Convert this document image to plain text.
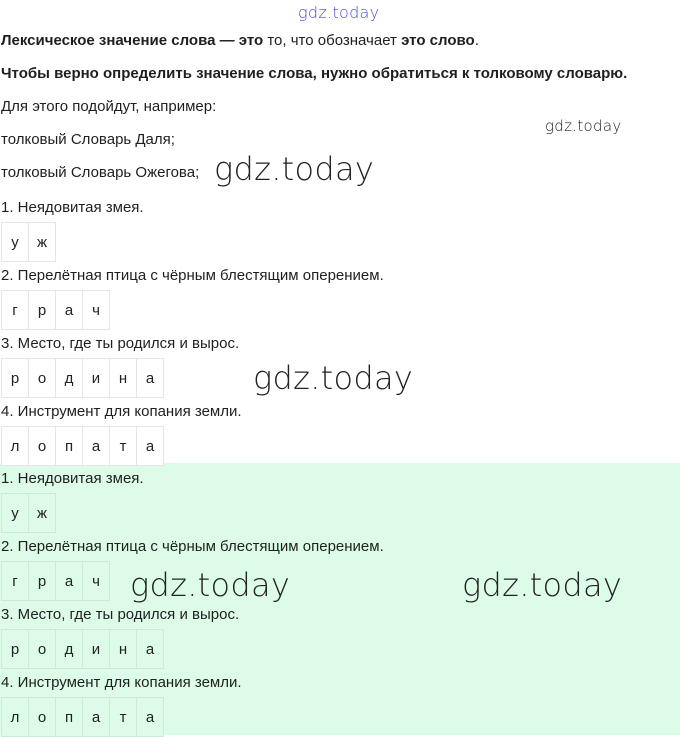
gdz.today
Лексическое значение слова — это то, что обозначает это слово.
Чтобы верно определить значение слова, нужно обратиться к толковому словарю.
Для этого подойдут, например:
толковый Словарь Даля;
толковый Словарь Ожегова;
1. Неядовитая змея.
у	ж
2. Перелётная птица с чёрным блестящим оперением.
г	р	а	ч
3. Место, где ты родился и вырос.
р	о	д	и	н	а
4. Инструмент для копания земли.
л	о	п	а	т	а
1. Неядовитая змея.
у	ж
2. Перелётная птица с чёрным блестящим оперением.
г	р	а	ч
3. Место, где ты родился и вырос.
р	о	д	и	н	а
4. Инструмент для копания земли.
л	о	п	а	т	а
gdz.today
gdz.today
gdz.today
gdz.today	gdz.today
